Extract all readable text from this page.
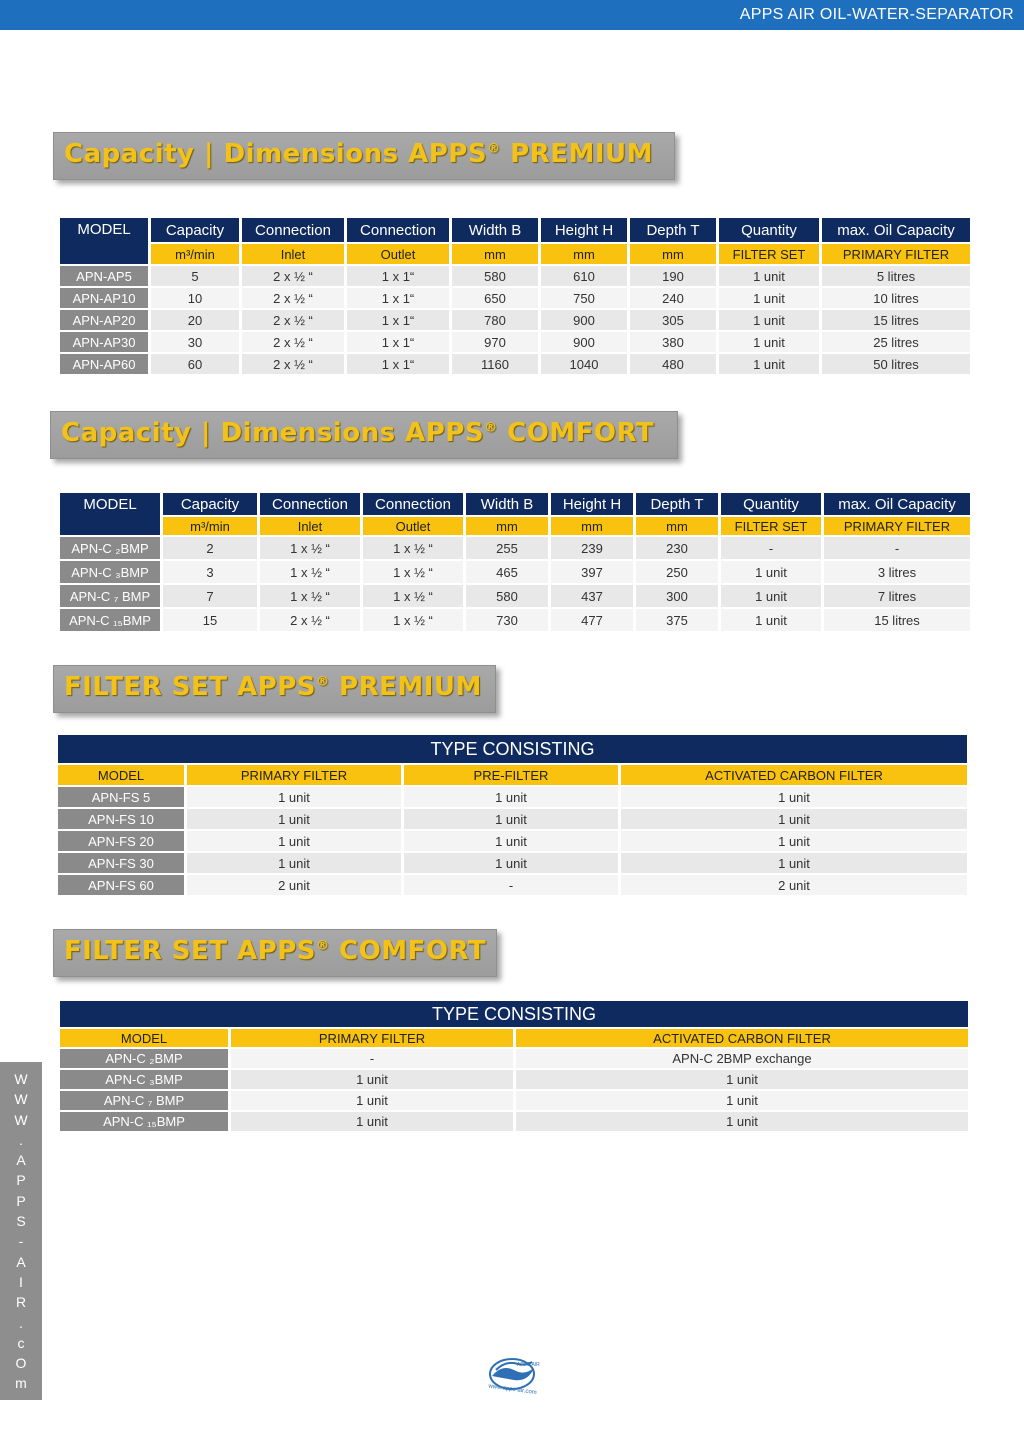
APPS AIR OIL-WATER-SEPARATOR
Capacity | Dimensions APPS® PREMIUM
MODEL	Capacity	Connection	Connection	Width B	Height H	Depth T	Quantity	max. Oil Capacity
	m³/min	Inlet	Outlet	mm	mm	mm	FILTER SET	PRIMARY FILTER
APN-AP5	5	2 x ½ “	1 x 1“	580	610	190	1 unit	5 litres
APN-AP10	10	2 x ½ “	1 x 1“	650	750	240	1 unit	10 litres
APN-AP20	20	2 x ½ “	1 x 1“	780	900	305	1 unit	15 litres
APN-AP30	30	2 x ½ “	1 x 1“	970	900	380	1 unit	25 litres
APN-AP60	60	2 x ½ “	1 x 1“	1160	1040	480	1 unit	50 litres
Capacity | Dimensions APPS® COMFORT
MODEL	Capacity	Connection	Connection	Width B	Height H	Depth T	Quantity	max. Oil Capacity
	m³/min	Inlet	Outlet	mm	mm	mm	FILTER SET	PRIMARY FILTER
APN-C ₂BMP	2	1 x ½ “	1 x ½ “	255	239	230	-	-
APN-C ₃BMP	3	1 x ½ “	1 x ½ “	465	397	250	1 unit	3 litres
APN-C ₇ BMP	7	1 x ½ “	1 x ½ “	580	437	300	1 unit	7 litres
APN-C ₁₅BMP	15	2 x ½ “	1 x ½ “	730	477	375	1 unit	15 litres
FILTER SET APPS® PREMIUM
TYPE CONSISTING			
MODEL	PRIMARY FILTER	PRE-FILTER	ACTIVATED CARBON FILTER
APN-FS 5	1 unit	1 unit	1 unit
APN-FS 10	1 unit	1 unit	1 unit
APN-FS 20	1 unit	1 unit	1 unit
APN-FS 30	1 unit	1 unit	1 unit
APN-FS 60	2 unit	-	2 unit
FILTER SET APPS® COMFORT
TYPE CONSISTING		
MODEL	PRIMARY FILTER	ACTIVATED CARBON FILTER
APN-C ₂BMP	-	APN-C 2BMP exchange
APN-C ₃BMP	1 unit	1 unit
APN-C ₇ BMP	1 unit	1 unit
APN-C ₁₅BMP	1 unit	1 unit
W
W
W
.
A
P
P
S
-
A
I
R
.
c
O
m
APPS AIR
www.apps-air.com
